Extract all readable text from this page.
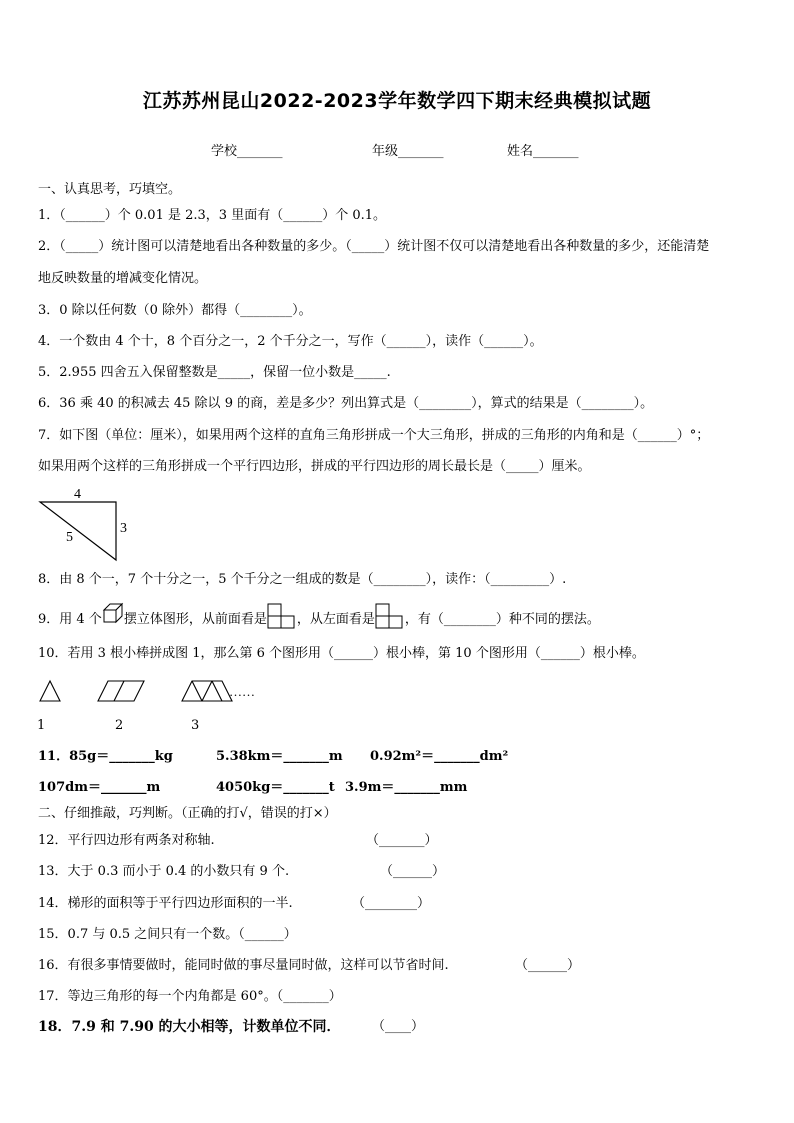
江苏苏州昆山2022-2023学年数学四下期末经典模拟试题
学校_______	年级_______	姓名_______
一、认真思考，巧填空。
1．（______）个 0.01 是 2.3，3 里面有（______）个 0.1。
2．（_____）统计图可以清楚地看出各种数量的多少。（_____）统计图不仅可以清楚地看出各种数量的多少，还能清楚
地反映数量的增减变化情况。
3．0 除以任何数（0 除外）都得（________）。
4．一个数由 4 个十，8 个百分之一，2 个千分之一，写作（______），读作（______）。
5．2.955 四舍五入保留整数是_____，保留一位小数是_____.
6．36 乘 40 的积减去 45 除以 9 的商，差是多少？列出算式是（________），算式的结果是（________）。
7．如下图（单位：厘米），如果用两个这样的直角三角形拼成一个大三角形，拼成的三角形的内角和是（______）°；
如果用两个这样的三角形拼成一个平行四边形，拼成的平行四边形的周长最长是（_____）厘米。
4
3
5
8．由 8 个一，7 个十分之一，5 个千分之一组成的数是（________），读作：（_________）.
9．用 4 个 摆立体图形，从前面看是 ，从左面看是 ，有（________）种不同的摆法。
10．若用 3 根小棒拼成图 1，那么第 6 个图形用（______）根小棒，第 10 个图形用（______）根小棒。
……
1	2	3
11．85g＝_______kg	5.38km＝_______m 0.92m²＝_______dm²
107dm＝_______m	4050kg＝_______t 3.9m＝_______mm
二、仔细推敲，巧判断。（正确的打√，错误的打×）
12．平行四边形有两条对称轴.	（_______）
13．大于 0.3 而小于 0.4 的小数只有 9 个.	（______）
14．梯形的面积等于平行四边形面积的一半.	（________）
15．0.7 与 0.5 之间只有一个数。（______）
16．有很多事情要做时，能同时做的事尽量同时做，这样可以节省时间.	（______）
17．等边三角形的每一个内角都是 60°。（_______）
18．7.9 和 7.90 的大小相等，计数单位不同． （____）
